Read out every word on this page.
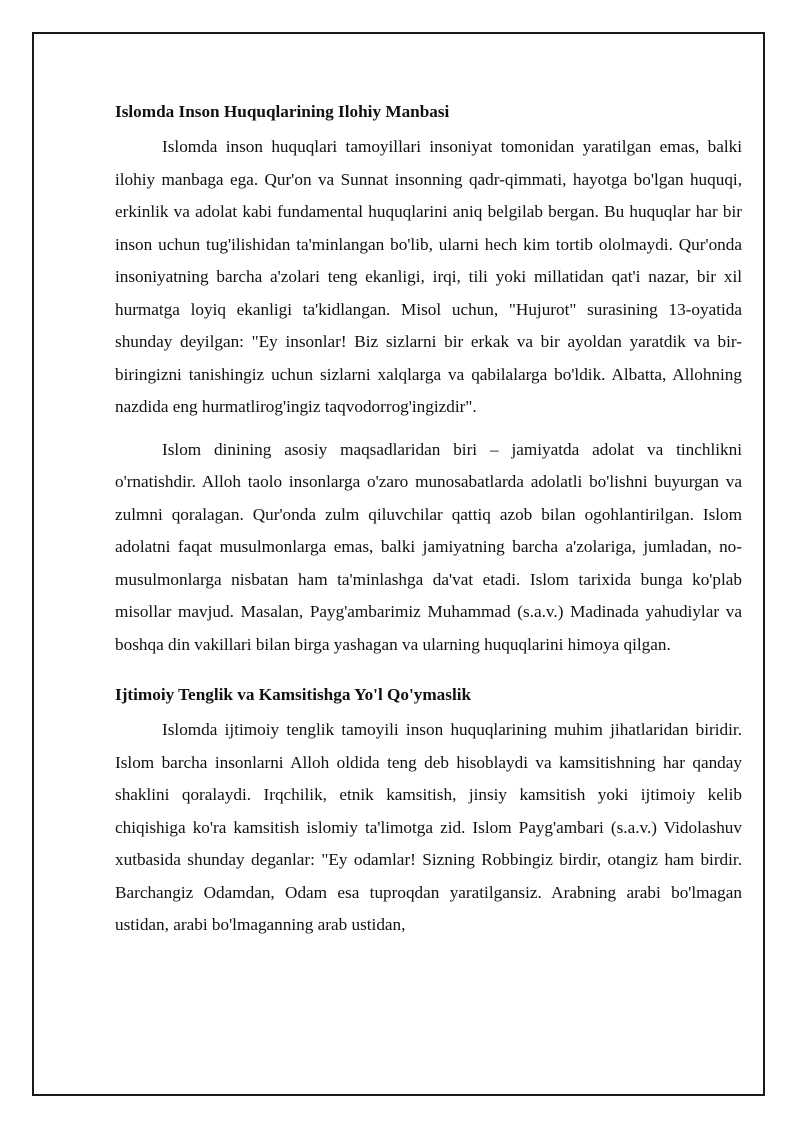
Islomda Inson Huquqlarining Ilohiy Manbasi

Islomda inson huquqlari tamoyillari insoniyat tomonidan yaratilgan emas, balki ilohiy manbaga ega. Qur'on va Sunnat insonning qadr-qimmati, hayotga bo'lgan huquqi, erkinlik va adolat kabi fundamental huquqlarini aniq belgilab bergan. Bu huquqlar har bir inson uchun tug'ilishidan ta'minlangan bo'lib, ularni hech kim tortib ololmaydi. Qur'onda insoniyatning barcha a'zolari teng ekanligi, irqi, tili yoki millatidan qat'i nazar, bir xil hurmatga loyiq ekanligi ta'kidlangan. Misol uchun, "Hujurot" surasining 13-oyatida shunday deyilgan: "Ey insonlar! Biz sizlarni bir erkak va bir ayoldan yaratdik va bir-biringizni tanishingiz uchun sizlarni xalqlarga va qabilalarga bo'ldik. Albatta, Allohning nazdida eng hurmatlirog'ingiz taqvodorrog'ingizdir".

Islom dinining asosiy maqsadlaridan biri – jamiyatda adolat va tinchlikni o'rnatishdir. Alloh taolo insonlarga o'zaro munosabatlarda adolatli bo'lishni buyurgan va zulmni qoralagan. Qur'onda zulm qiluvchilar qattiq azob bilan ogohlantirilgan. Islom adolatni faqat musulmonlarga emas, balki jamiyatning barcha a'zolariga, jumladan, no-musulmonlarga nisbatan ham ta'minlashga da'vat etadi. Islom tarixida bunga ko'plab misollar mavjud. Masalan, Payg'ambarimiz Muhammad (s.a.v.) Madinada yahudiylar va boshqa din vakillari bilan birga yashagan va ularning huquqlarini himoya qilgan.

Ijtimoiy Tenglik va Kamsitishga Yo'l Qo'ymaslik

Islomda ijtimoiy tenglik tamoyili inson huquqlarining muhim jihatlaridan biridir. Islom barcha insonlarni Alloh oldida teng deb hisoblaydi va kamsitishning har qanday shaklini qoralaydi. Irqchilik, etnik kamsitish, jinsiy kamsitish yoki ijtimoiy kelib chiqishiga ko'ra kamsitish islomiy ta'limotga zid. Islom Payg'ambari (s.a.v.) Vidolashuv xutbasida shunday deganlar: "Ey odamlar! Sizning Robbingiz birdir, otangiz ham birdir. Barchangiz Odamdan, Odam esa tuproqdan yaratilgansiz. Arabning arabi bo'lmagan ustidan, arabi bo'lmaganning arab ustidan,
